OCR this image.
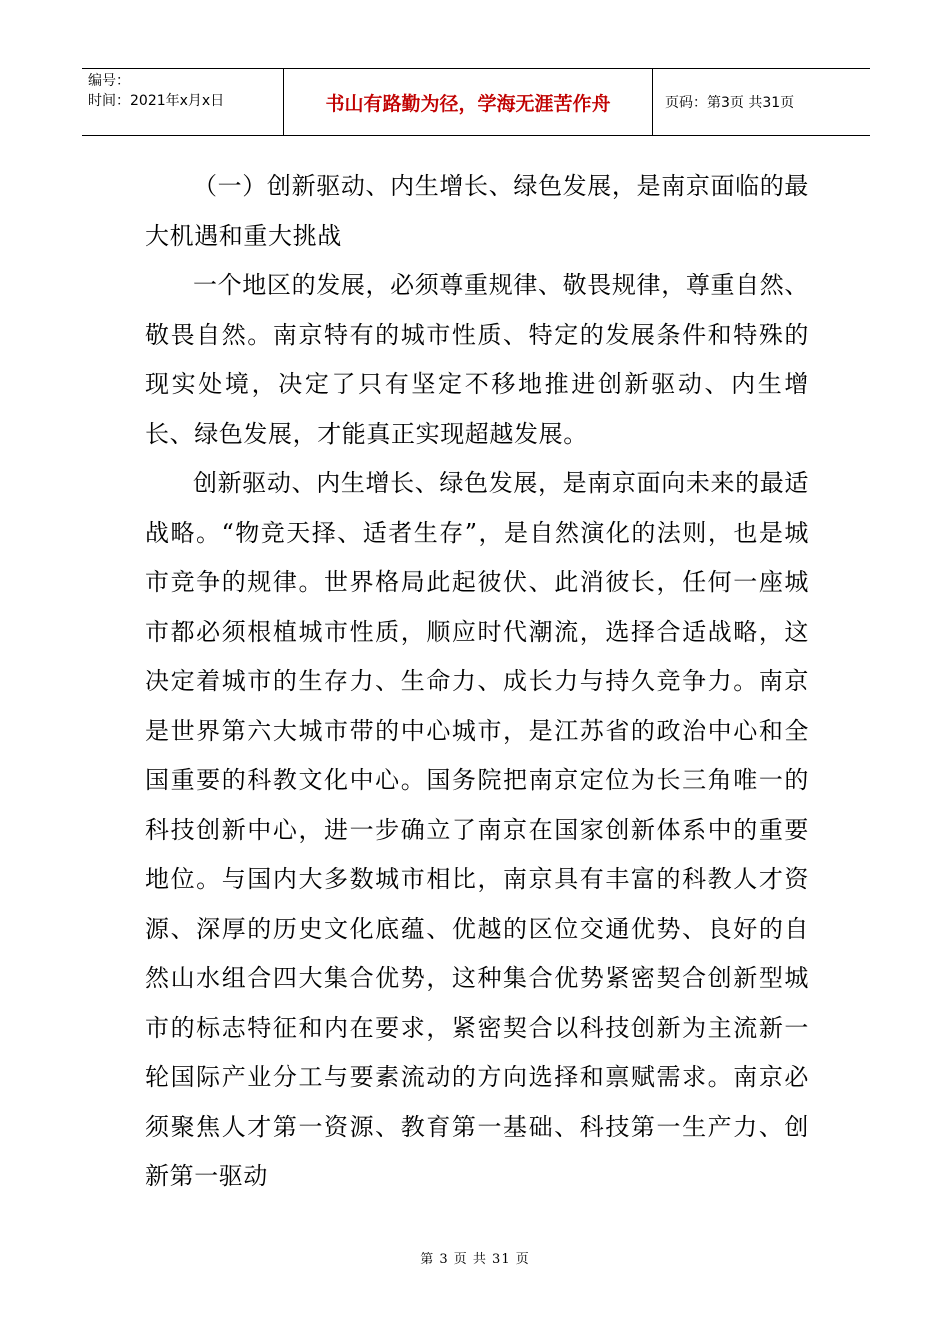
编号：
时间：2021年x月x日	书山有路勤为径，学海无涯苦作舟	页码：第3页 共31页

（一）创新驱动、内生增长、绿色发展，是南京面临的最大机遇和重大挑战

一个地区的发展，必须尊重规律、敬畏规律，尊重自然、敬畏自然。南京特有的城市性质、特定的发展条件和特殊的现实处境，决定了只有坚定不移地推进创新驱动、内生增长、绿色发展，才能真正实现超越发展。

创新驱动、内生增长、绿色发展，是南京面向未来的最适战略。“物竞天择、适者生存”，是自然演化的法则，也是城市竞争的规律。世界格局此起彼伏、此消彼长，任何一座城市都必须根植城市性质，顺应时代潮流，选择合适战略，这决定着城市的生存力、生命力、成长力与持久竞争力。南京是世界第六大城市带的中心城市，是江苏省的政治中心和全国重要的科教文化中心。国务院把南京定位为长三角唯一的科技创新中心，进一步确立了南京在国家创新体系中的重要地位。与国内大多数城市相比，南京具有丰富的科教人才资源、深厚的历史文化底蕴、优越的区位交通优势、良好的自然山水组合四大集合优势，这种集合优势紧密契合创新型城市的标志特征和内在要求，紧密契合以科技创新为主流新一轮国际产业分工与要素流动的方向选择和禀赋需求。南京必须聚焦人才第一资源、教育第一基础、科技第一生产力、创新第一驱动

第 3 页 共 31 页
